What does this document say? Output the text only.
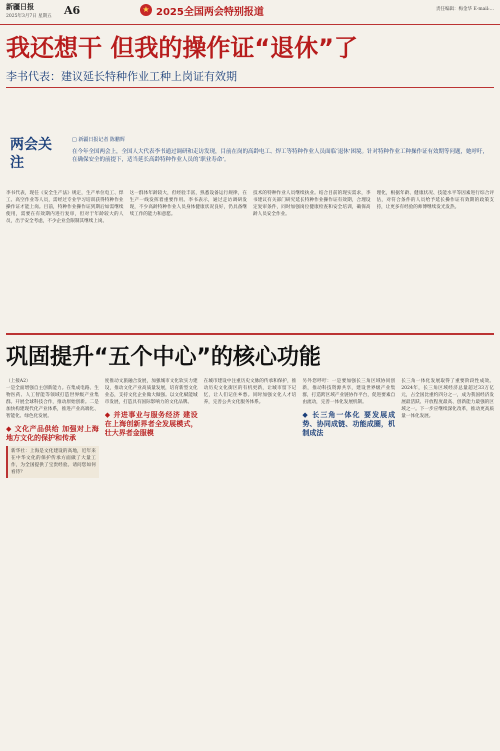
新疆日报
2025年3月7日 星期五 A6	★ 2025全国两会特别报道	责任编辑：梅金华 E-mail:...
我还想干 但我的操作证“退休”了
李书代表：建议延长特种作业工种上岗证有效期
两会关注
□ 新疆日报记者 陈鹏辉
在今年全国两会上，全国人大代表李书通过调研和走访发现，目前在岗的高龄电工、焊工等特种作业人员面临‘退休’困境。针对特种作业工种操作证有效期等问题，她呼吁，在确保安全的前提下，适当延长高龄特种作业人员的‘职业寿命’。
李书代表，现任《安全生产法》规定，生产单位电工、焊工、高空作业等人员，需经过专业学习培训获得特种作业操作证才能上岗。目前，特种作业操作证到期后如需继续使用，需要在有效期内进行复审，但对于年龄较大的人员，出于安全考虑，不少企业会限制其继续上岗。
这一群体年龄较大，但经验丰富，熟悉设备运行规律，在生产一线发挥着重要作用。李书表示，通过走访调研发现，不少高龄特种作业人员身体健康状况良好，仍具备继续工作的能力和意愿。
技术的特种作业人员继续执业。结合目前的现实需求，李书建议有关部门研究延长特种作业操作证有效期，合理设定复审条件，同时加强岗位健康检查和安全培训，确保高龄人员安全作业。
理化，根据年龄、健康状况、技能水平等因素进行综合评估，对符合条件的人员给予延长操作证有效期的政策支持，让更多有经验的师傅继续发光发热。
巩固提升“五个中心”的核心功能
（上接A2）
一是全面增强自主创新能力。在集成电路、生物医药、人工智能等领域打造世界级产业集群。开展全球科技合作，推动原始创新。二是加快构建现代化产业体系，推进产业高端化、智能化、绿色化发展。
◆ 文化产品供给 加强对上海地方文化的保护和传承
新华社：上海是文化建设的高地，近年来在中华文化的保护传承方面做了大量工作，为全国提供了宝贵经验。请问您如何看待？
度推动文旅融合发展，加强城市文化软实力建设，推动文化产业高质量发展，培育新型文化业态，支持文化企业做大做强。以文化赋能城市发展，打造具有国际影响力的文化品牌。
◆ 并进事业与服务经济 建设在上海创新界者全发展模式，壮大界者金服模
在城市建设中注重历史文脉的传承和保护，推动历史文化街区的有机更新，让城市留下记忆，让人们记住乡愁。同时加强文化人才培养，完善公共文化服务体系。
另外您呼吁：一是要加强长三角区域协同创新，推动科技资源共享，建设世界级产业集群，打造跨区域产业链协作平台，促进要素自由流动，完善一体化发展机制。
◆ 长三角一体化 要发展成势、协同成链、功能成圈，机制成法
长三角一体化发展取得了重要阶段性成效。2024年，长三角区域经济总量超过33万亿元，占全国比重约四分之一，成为我国经济发展最活跃、开放程度最高、创新能力最强的区域之一。下一步应继续深化改革，推动更高质量一体化发展。
